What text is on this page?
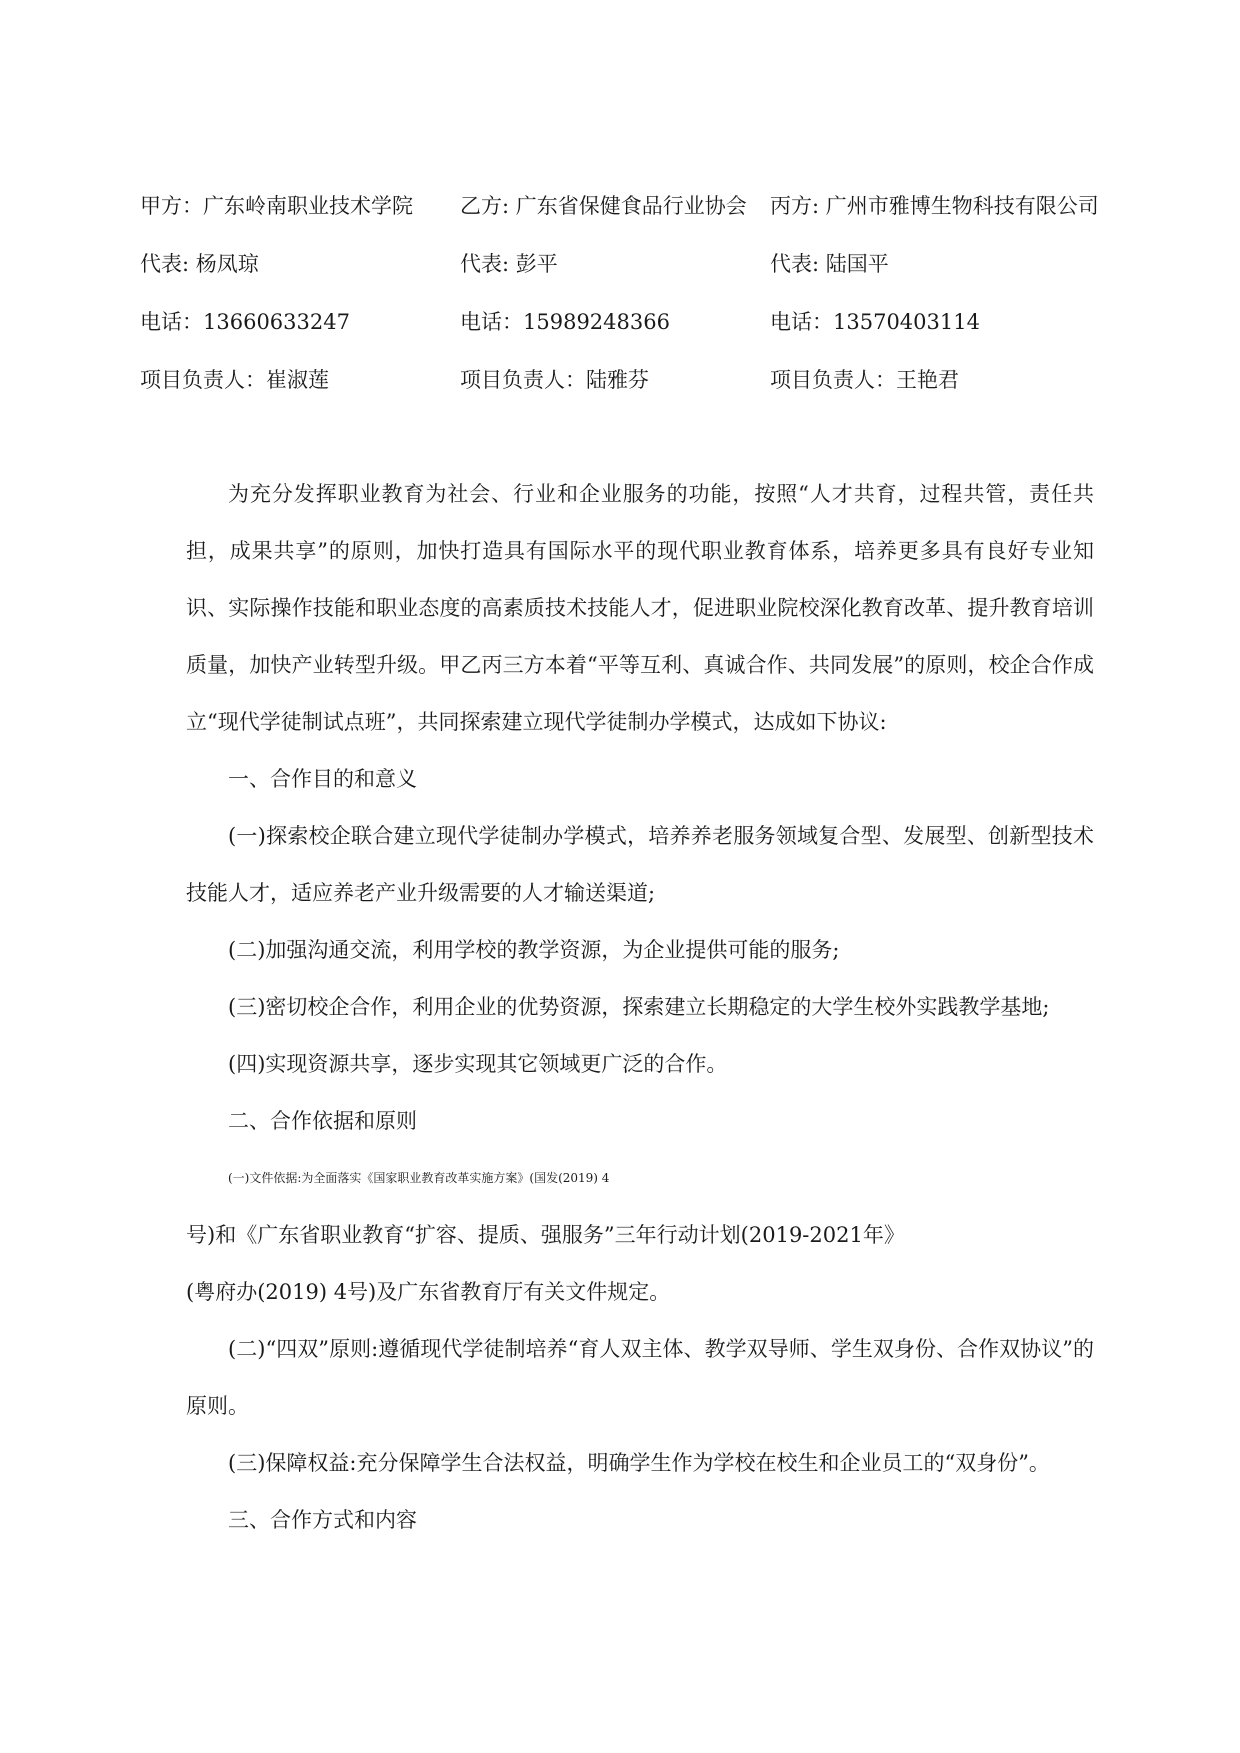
甲方：广东岭南职业技术学院 乙方: 广东省保健食品行业协会 丙方: 广州市雅博生物科技有限公司
代表: 杨凤琼	代表: 彭平	代表: 陆国平
电话：13660633247	电话：15989248366	电话：13570403114
项目负责人：崔淑莲	项目负责人：陆雅芬	项目负责人：王艳君

为充分发挥职业教育为社会、行业和企业服务的功能，按照“人才共育，过程共管，责任共担，成果共享”的原则，加快打造具有国际水平的现代职业教育体系，培养更多具有良好专业知识、实际操作技能和职业态度的高素质技术技能人才，促进职业院校深化教育改革、提升教育培训质量，加快产业转型升级。甲乙丙三方本着“平等互利、真诚合作、共同发展”的原则，校企合作成立“现代学徒制试点班”，共同探索建立现代学徒制办学模式，达成如下协议:

一、合作目的和意义

(一)探索校企联合建立现代学徒制办学模式，培养养老服务领域复合型、发展型、创新型技术技能人才，适应养老产业升级需要的人才输送渠道;

(二)加强沟通交流，利用学校的教学资源，为企业提供可能的服务;

(三)密切校企合作，利用企业的优势资源，探索建立长期稳定的大学生校外实践教学基地;

(四)实现资源共享，逐步实现其它领域更广泛的合作。

二、合作依据和原则

(一)文件依据:为全面落实《国家职业教育改革实施方案》(国发(2019) 4

号)和《广东省职业教育“扩容、提质、强服务”三年行动计划(2019-2021年》

(粤府办(2019) 4号)及广东省教育厅有关文件规定。

(二)“四双”原则:遵循现代学徒制培养“育人双主体、教学双导师、学生双身份、合作双协议”的原则。

(三)保障权益:充分保障学生合法权益，明确学生作为学校在校生和企业员工的“双身份”。

三、合作方式和内容
